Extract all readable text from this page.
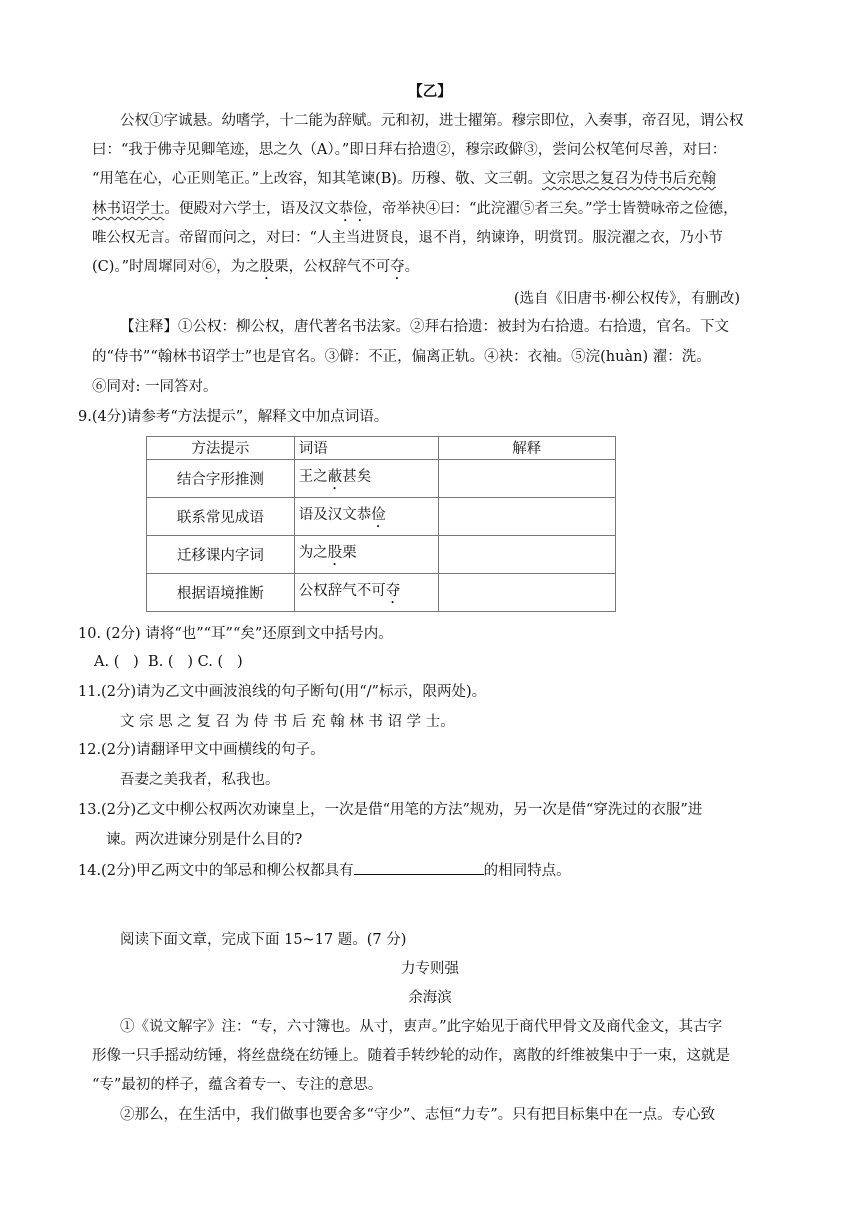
【乙】
公权①字诚悬。幼嗜学，十二能为辞赋。元和初，进士擢第。穆宗即位，入奏事，帝召见，谓公权
曰：“我于佛寺见卿笔迹，思之久（A）。”即日拜右拾遗②，穆宗政僻③，尝问公权笔何尽善，对曰：
“用笔在心，心正则笔正。”上改容，知其笔谏(B)。历穆、敬、文三朝。文宗思之复召为侍书后充翰
林书诏学士。便殿对六学士，语及汉文恭俭，帝举袂④曰：“此浣濯⑤者三矣。”学士皆赞咏帝之俭德，
唯公权无言。帝留而问之，对曰：“人主当进贤良，退不肖，纳谏诤，明赏罚。服浣濯之衣，乃小节
(C)。”时周墀同对⑥，为之股栗，公权辞气不可夺。
(选自《旧唐书·柳公权传》，有删改)
【注释】①公权：柳公权，唐代著名书法家。②拜右拾遗：被封为右拾遗。右拾遗，官名。下文
的“侍书”“翰林书诏学士”也是官名。③僻：不正，偏离正轨。④袂：衣袖。⑤浣(huàn) 濯：洗。
⑥同对: 一同答对。
9.(4分)请参考“方法提示”，解释文中加点词语。
方法提示	词语	解释
结合字形推测	王之蔽甚矣	
联系常见成语	语及汉文恭俭	
迁移课内字词	为之股栗	
根据语境推断	公权辞气不可夺	
10. (2分) 请将“也”“耳”“矣”还原到文中括号内。
A. (   )  B. (   ) C. (   )
11.(2分)请为乙文中画波浪线的句子断句(用“/”标示，限两处)。
文 宗 思 之 复 召 为 侍 书 后 充 翰 林 书 诏 学 士。
12.(2分)请翻译甲文中画横线的句子。
吾妻之美我者，私我也。
13.(2分)乙文中柳公权两次劝谏皇上，一次是借“用笔的方法”规劝，另一次是借“穿洗过的衣服”进
谏。两次进谏分别是什么目的?
14.(2分)甲乙两文中的邹忌和柳公权都具有	的相同特点。
阅读下面文章，完成下面 15~17 题。(7 分)
力专则强
余海滨
①《说文解字》注：“专，六寸簿也。从寸，叀声。”此字始见于商代甲骨文及商代金文，其古字
形像一只手摇动纺锤，将丝盘绕在纺锤上。随着手转纱轮的动作，离散的纤维被集中于一束，这就是
“专”最初的样子，蕴含着专一、专注的意思。
②那么，在生活中，我们做事也要舍多“守少”、志恒“力专”。只有把目标集中在一点。专心致
